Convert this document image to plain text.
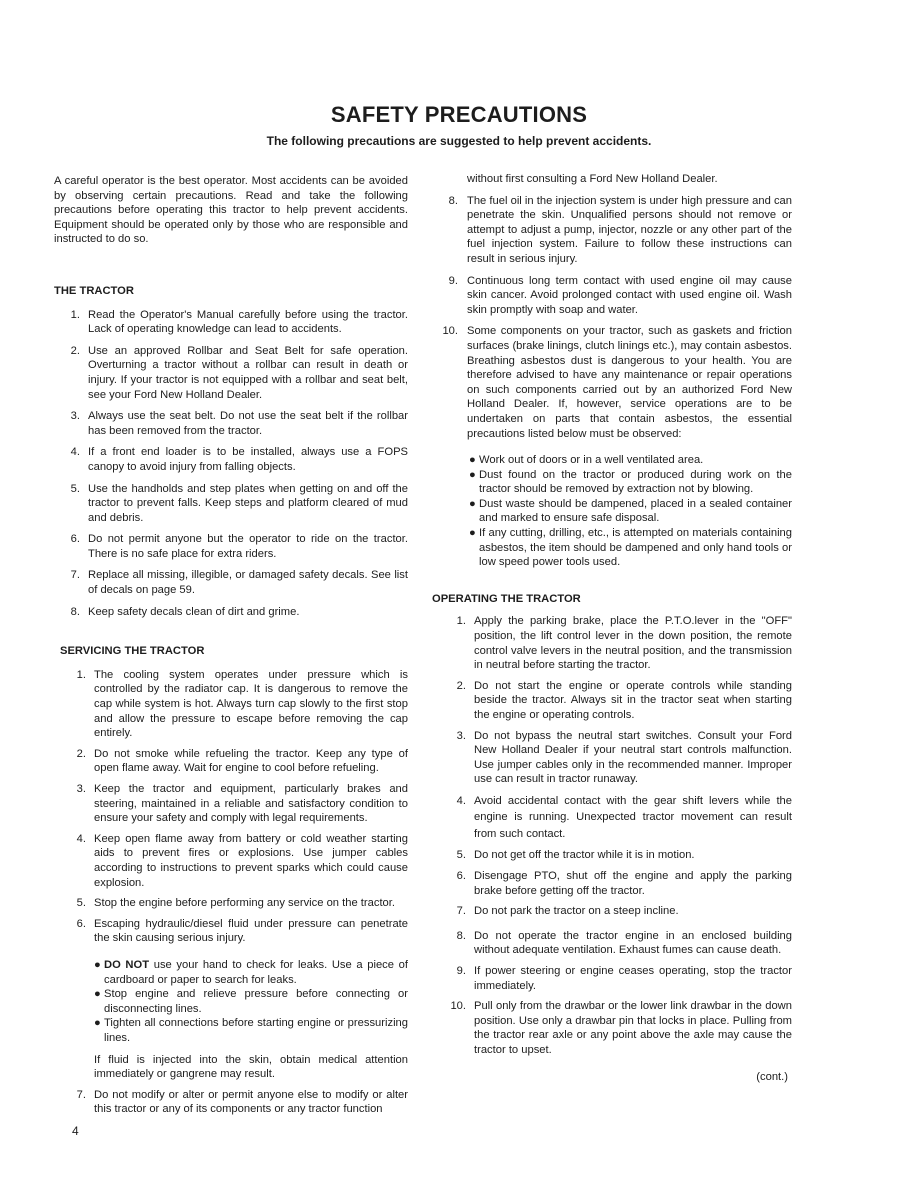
SAFETY PRECAUTIONS
The following precautions are suggested to help prevent accidents.

A careful operator is the best operator. Most accidents can be avoided by observing certain precautions. Read and take the following precautions before operating this tractor to help prevent accidents. Equipment should be operated only by those who are responsible and instructed to do so.

THE TRACTOR

1. Read the Operator's Manual carefully before using the tractor. Lack of operating knowledge can lead to accidents.
2. Use an approved Rollbar and Seat Belt for safe operation. Overturning a tractor without a rollbar can result in death or injury. If your tractor is not equipped with a rollbar and seat belt, see your Ford New Holland Dealer.
3. Always use the seat belt. Do not use the seat belt if the rollbar has been removed from the tractor.
4. If a front end loader is to be installed, always use a FOPS canopy to avoid injury from falling objects.
5. Use the handholds and step plates when getting on and off the tractor to prevent falls. Keep steps and platform cleared of mud and debris.
6. Do not permit anyone but the operator to ride on the tractor. There is no safe place for extra riders.
7. Replace all missing, illegible, or damaged safety decals. See list of decals on page 59.
8. Keep safety decals clean of dirt and grime.

SERVICING THE TRACTOR

1. The cooling system operates under pressure which is controlled by the radiator cap. It is dangerous to remove the cap while system is hot. Always turn cap slowly to the first stop and allow the pressure to escape before removing the cap entirely.
2. Do not smoke while refueling the tractor. Keep any type of open flame away. Wait for engine to cool before refueling.
3. Keep the tractor and equipment, particularly brakes and steering, maintained in a reliable and satisfactory condition to ensure your safety and comply with legal requirements.
4. Keep open flame away from battery or cold weather starting aids to prevent fires or explosions. Use jumper cables according to instructions to prevent sparks which could cause explosion.
5. Stop the engine before performing any service on the tractor.
6. Escaping hydraulic/diesel fluid under pressure can penetrate the skin causing serious injury.
● DO NOT use your hand to check for leaks. Use a piece of cardboard or paper to search for leaks.
● Stop engine and relieve pressure before connecting or disconnecting lines.
● Tighten all connections before starting engine or pressurizing lines.

If fluid is injected into the skin, obtain medical attention immediately or gangrene may result.

7. Do not modify or alter or permit anyone else to modify or alter this tractor or any of its components or any tractor function

without first consulting a Ford New Holland Dealer.

8. The fuel oil in the injection system is under high pressure and can penetrate the skin. Unqualified persons should not remove or attempt to adjust a pump, injector, nozzle or any other part of the fuel injection system. Failure to follow these instructions can result in serious injury.
9. Continuous long term contact with used engine oil may cause skin cancer. Avoid prolonged contact with used engine oil. Wash skin promptly with soap and water.
10. Some components on your tractor, such as gaskets and friction surfaces (brake linings, clutch linings etc.), may contain asbestos. Breathing asbestos dust is dangerous to your health. You are therefore advised to have any maintenance or repair operations on such components carried out by an authorized Ford New Holland Dealer. If, however, service operations are to be undertaken on parts that contain asbestos, the essential precautions listed below must be observed:
● Work out of doors or in a well ventilated area.
● Dust found on the tractor or produced during work on the tractor should be removed by extraction not by blowing.
● Dust waste should be dampened, placed in a sealed container and marked to ensure safe disposal.
● If any cutting, drilling, etc., is attempted on materials containing asbestos, the item should be dampened and only hand tools or low speed power tools used.

OPERATING THE TRACTOR

1. Apply the parking brake, place the P.T.O.lever in the "OFF" position, the lift control lever in the down position, the remote control valve levers in the neutral position, and the transmission in neutral before starting the tractor.
2. Do not start the engine or operate controls while standing beside the tractor. Always sit in the tractor seat when starting the engine or operating controls.
3. Do not bypass the neutral start switches. Consult your Ford New Holland Dealer if your neutral start controls malfunction. Use jumper cables only in the recommended manner. Improper use can result in tractor runaway.
4. Avoid accidental contact with the gear shift levers while the engine is running. Unexpected tractor movement can result from such contact.
5. Do not get off the tractor while it is in motion.
6. Disengage PTO, shut off the engine and apply the parking brake before getting off the tractor.
7. Do not park the tractor on a steep incline.
8. Do not operate the tractor engine in an enclosed building without adequate ventilation. Exhaust fumes can cause death.
9. If power steering or engine ceases operating, stop the tractor immediately.
10. Pull only from the drawbar or the lower link drawbar in the down position. Use only a drawbar pin that locks in place. Pulling from the tractor rear axle or any point above the axle may cause the tractor to upset.

(cont.)

4
